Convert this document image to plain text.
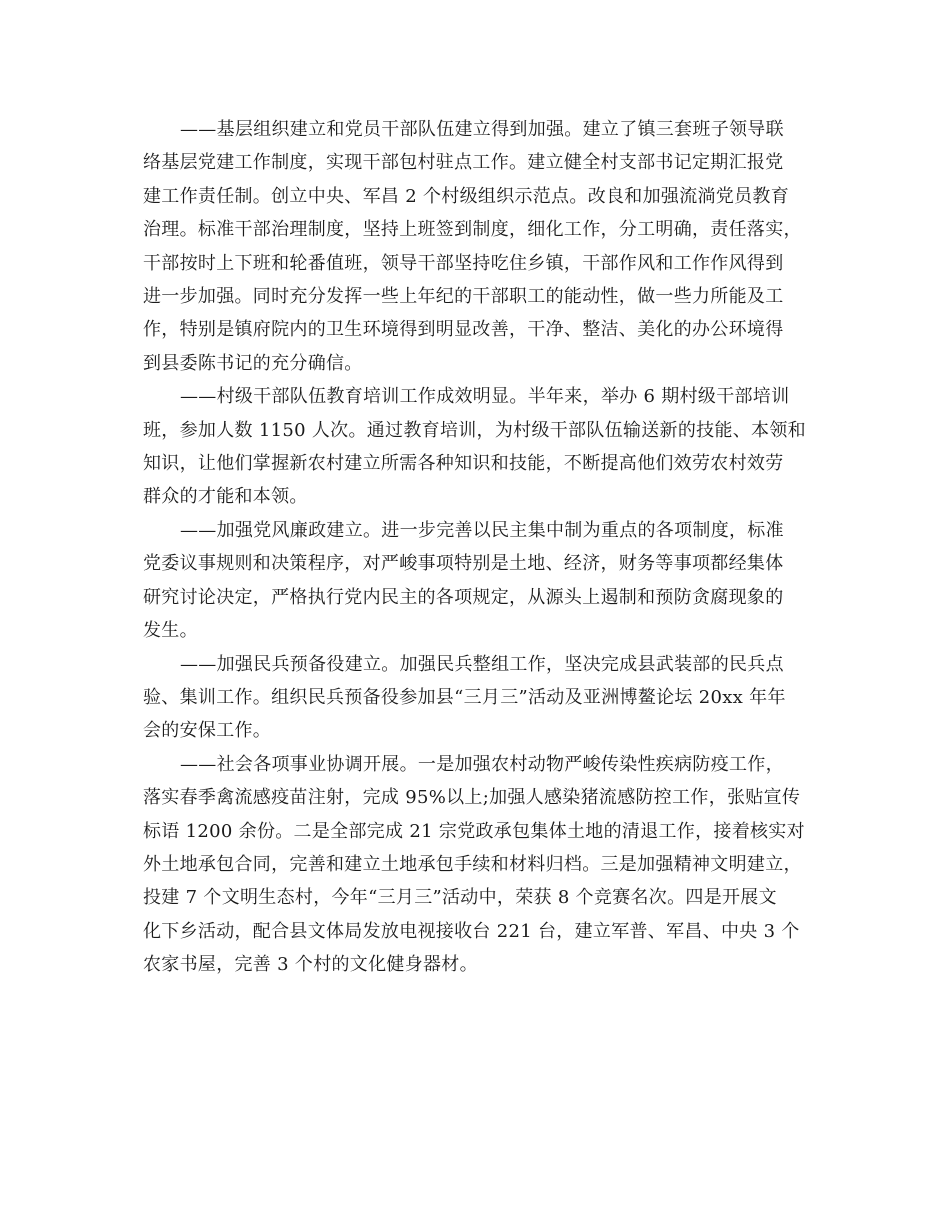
——基层组织建立和党员干部队伍建立得到加强。建立了镇三套班子领导联
络基层党建工作制度，实现干部包村驻点工作。建立健全村支部书记定期汇报党
建工作责任制。创立中央、军昌 2 个村级组织示范点。改良和加强流淌党员教育
治理。标准干部治理制度，坚持上班签到制度，细化工作，分工明确，责任落实，
干部按时上下班和轮番值班，领导干部坚持吃住乡镇，干部作风和工作作风得到
进一步加强。同时充分发挥一些上年纪的干部职工的能动性，做一些力所能及工
作，特别是镇府院内的卫生环境得到明显改善，干净、整洁、美化的办公环境得
到县委陈书记的充分确信。

——村级干部队伍教育培训工作成效明显。半年来，举办 6 期村级干部培训
班，参加人数 1150 人次。通过教育培训，为村级干部队伍输送新的技能、本领和
知识，让他们掌握新农村建立所需各种知识和技能，不断提高他们效劳农村效劳
群众的才能和本领。

——加强党风廉政建立。进一步完善以民主集中制为重点的各项制度，标准
党委议事规则和决策程序，对严峻事项特别是土地、经济，财务等事项都经集体
研究讨论决定，严格执行党内民主的各项规定，从源头上遏制和预防贪腐现象的
发生。

——加强民兵预备役建立。加强民兵整组工作，坚决完成县武装部的民兵点
验、集训工作。组织民兵预备役参加县“三月三”活动及亚洲博鳌论坛 20xx 年年
会的安保工作。

——社会各项事业协调开展。一是加强农村动物严峻传染性疾病防疫工作，
落实春季禽流感疫苗注射，完成 95%以上;加强人感染猪流感防控工作，张贴宣传
标语 1200 余份。二是全部完成 21 宗党政承包集体土地的清退工作，接着核实对
外土地承包合同，完善和建立土地承包手续和材料归档。三是加强精神文明建立，
投建 7 个文明生态村，今年“三月三”活动中，荣获 8 个竞赛名次。四是开展文
化下乡活动，配合县文体局发放电视接收台 221 台，建立军普、军昌、中央 3 个
农家书屋，完善 3 个村的文化健身器材。
